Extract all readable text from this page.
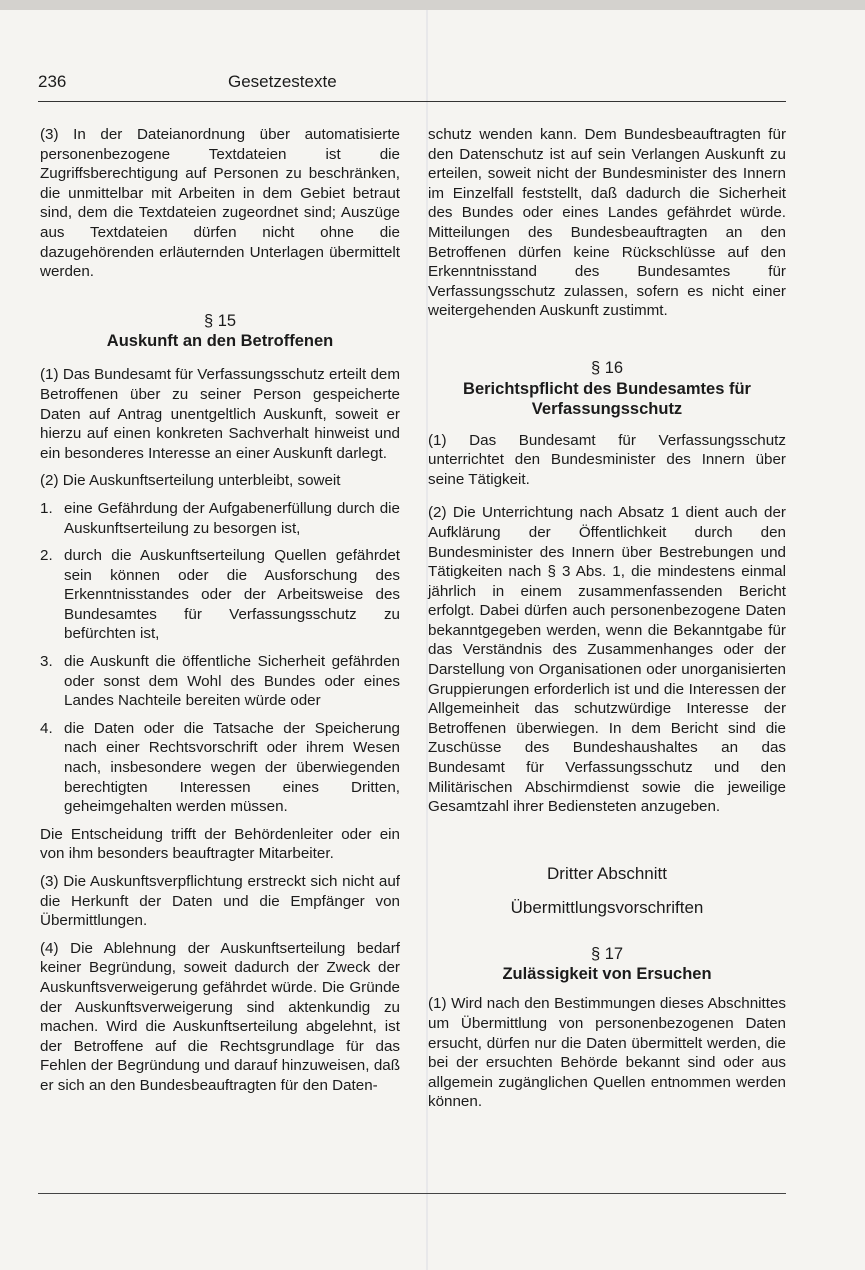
236	Gesetzestexte

(3) In der Dateianordnung über automatisierte personenbezogene Textdateien ist die Zugriffsberechtigung auf Personen zu beschränken, die unmittelbar mit Arbeiten in dem Gebiet betraut sind, dem die Textdateien zugeordnet sind; Auszüge aus Textdateien dürfen nicht ohne die dazugehörenden erläuternden Unterlagen übermittelt werden.

§ 15
Auskunft an den Betroffenen

(1) Das Bundesamt für Verfassungsschutz erteilt dem Betroffenen über zu seiner Person gespeicherte Daten auf Antrag unentgeltlich Auskunft, soweit er hierzu auf einen konkreten Sachverhalt hinweist und ein besonderes Interesse an einer Auskunft darlegt.

(2) Die Auskunftserteilung unterbleibt, soweit

1. eine Gefährdung der Aufgabenerfüllung durch die Auskunftserteilung zu besorgen ist,
2. durch die Auskunftserteilung Quellen gefährdet sein können oder die Ausforschung des Erkenntnisstandes oder der Arbeitsweise des Bundesamtes für Verfassungsschutz zu befürchten ist,
3. die Auskunft die öffentliche Sicherheit gefährden oder sonst dem Wohl des Bundes oder eines Landes Nachteile bereiten würde oder
4. die Daten oder die Tatsache der Speicherung nach einer Rechtsvorschrift oder ihrem Wesen nach, insbesondere wegen der überwiegenden berechtigten Interessen eines Dritten, geheimgehalten werden müssen.

Die Entscheidung trifft der Behördenleiter oder ein von ihm besonders beauftragter Mitarbeiter.

(3) Die Auskunftsverpflichtung erstreckt sich nicht auf die Herkunft der Daten und die Empfänger von Übermittlungen.

(4) Die Ablehnung der Auskunftserteilung bedarf keiner Begründung, soweit dadurch der Zweck der Auskunftsverweigerung gefährdet würde. Die Gründe der Auskunftsverweigerung sind aktenkundig zu machen. Wird die Auskunftserteilung abgelehnt, ist der Betroffene auf die Rechtsgrundlage für das Fehlen der Begründung und darauf hinzuweisen, daß er sich an den Bundesbeauftragten für den Daten-

schutz wenden kann. Dem Bundesbeauftragten für den Datenschutz ist auf sein Verlangen Auskunft zu erteilen, soweit nicht der Bundesminister des Innern im Einzelfall feststellt, daß dadurch die Sicherheit des Bundes oder eines Landes gefährdet würde. Mitteilungen des Bundesbeauftragten an den Betroffenen dürfen keine Rückschlüsse auf den Erkenntnisstand des Bundesamtes für Verfassungsschutz zulassen, sofern es nicht einer weitergehenden Auskunft zustimmt.

§ 16
Berichtspflicht des Bundesamtes für Verfassungsschutz

(1) Das Bundesamt für Verfassungsschutz unterrichtet den Bundesminister des Innern über seine Tätigkeit.

(2) Die Unterrichtung nach Absatz 1 dient auch der Aufklärung der Öffentlichkeit durch den Bundesminister des Innern über Bestrebungen und Tätigkeiten nach § 3 Abs. 1, die mindestens einmal jährlich in einem zusammenfassenden Bericht erfolgt. Dabei dürfen auch personenbezogene Daten bekanntgegeben werden, wenn die Bekanntgabe für das Verständnis des Zusammenhanges oder der Darstellung von Organisationen oder unorganisierten Gruppierungen erforderlich ist und die Interessen der Allgemeinheit das schutzwürdige Interesse der Betroffenen überwiegen. In dem Bericht sind die Zuschüsse des Bundeshaushaltes an das Bundesamt für Verfassungsschutz und den Militärischen Abschirmdienst sowie die jeweilige Gesamtzahl ihrer Bediensteten anzugeben.

Dritter Abschnitt
Übermittlungsvorschriften
§ 17
Zulässigkeit von Ersuchen

(1) Wird nach den Bestimmungen dieses Abschnittes um Übermittlung von personenbezogenen Daten ersucht, dürfen nur die Daten übermittelt werden, die bei der ersuchten Behörde bekannt sind oder aus allgemein zugänglichen Quellen entnommen werden können.
